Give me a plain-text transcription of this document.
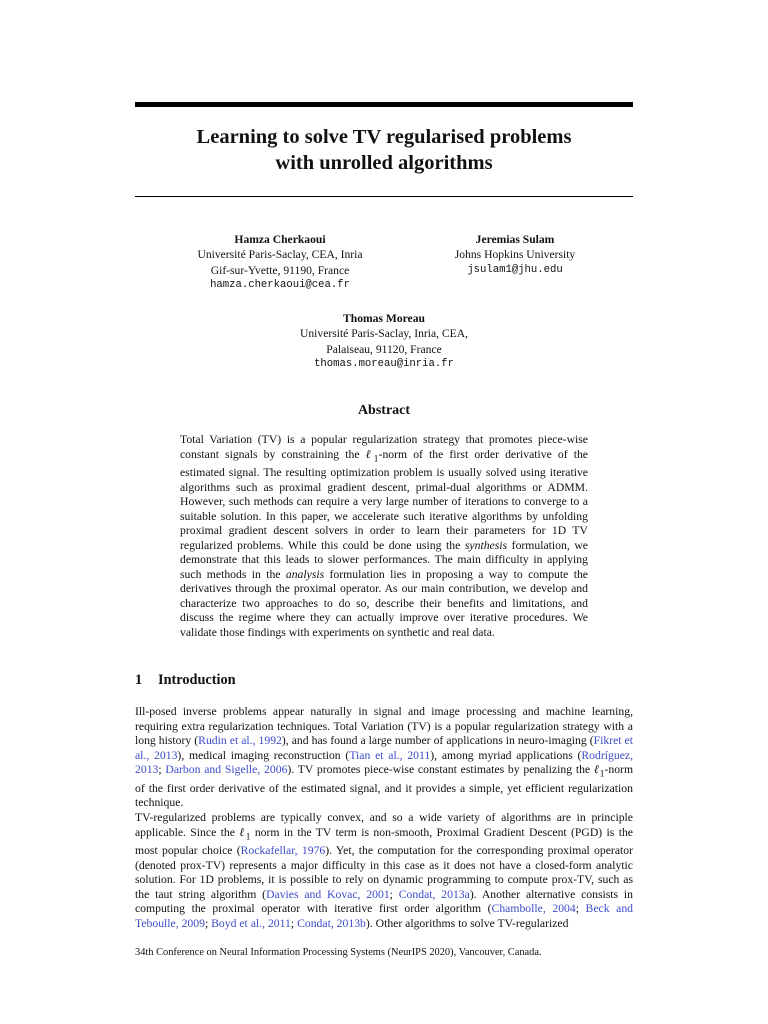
Learning to solve TV regularised problems
with unrolled algorithms
Hamza Cherkaoui
Université Paris-Saclay, CEA, Inria
Gif-sur-Yvette, 91190, France
hamza.cherkaoui@cea.fr
Jeremias Sulam
Johns Hopkins University
jsulam1@jhu.edu
Thomas Moreau
Université Paris-Saclay, Inria, CEA,
Palaiseau, 91120, France
thomas.moreau@inria.fr
Abstract
Total Variation (TV) is a popular regularization strategy that promotes piece-wise constant signals by constraining the ℓ$_1$-norm of the first order derivative of the estimated signal. The resulting optimization problem is usually solved using iterative algorithms such as proximal gradient descent, primal-dual algorithms or ADMM. However, such methods can require a very large number of iterations to converge to a suitable solution. In this paper, we accelerate such iterative algorithms by unfolding proximal gradient descent solvers in order to learn their parameters for 1D TV regularized problems. While this could be done using the synthesis formulation, we demonstrate that this leads to slower performances. The main difficulty in applying such methods in the analysis formulation lies in proposing a way to compute the derivatives through the proximal operator. As our main contribution, we develop and characterize two approaches to do so, describe their benefits and limitations, and discuss the regime where they can actually improve over iterative procedures. We validate those findings with experiments on synthetic and real data.
1 Introduction
Ill-posed inverse problems appear naturally in signal and image processing and machine learning, requiring extra regularization techniques. Total Variation (TV) is a popular regularization strategy with a long history (Rudin et al., 1992), and has found a large number of applications in neuro-imaging (Fikret et al., 2013), medical imaging reconstruction (Tian et al., 2011), among myriad applications (Rodríguez, 2013; Darbon and Sigelle, 2006). TV promotes piece-wise constant estimates by penalizing the ℓ$_1$-norm of the first order derivative of the estimated signal, and it provides a simple, yet efficient regularization technique.
TV-regularized problems are typically convex, and so a wide variety of algorithms are in principle applicable. Since the ℓ$_1$ norm in the TV term is non-smooth, Proximal Gradient Descent (PGD) is the most popular choice (Rockafellar, 1976). Yet, the computation for the corresponding proximal operator (denoted prox-TV) represents a major difficulty in this case as it does not have a closed-form analytic solution. For 1D problems, it is possible to rely on dynamic programming to compute prox-TV, such as the taut string algorithm (Davies and Kovac, 2001; Condat, 2013a). Another alternative consists in computing the proximal operator with iterative first order algorithm (Chambolle, 2004; Beck and Teboulle, 2009; Boyd et al., 2011; Condat, 2013b). Other algorithms to solve TV-regularized
34th Conference on Neural Information Processing Systems (NeurIPS 2020), Vancouver, Canada.
